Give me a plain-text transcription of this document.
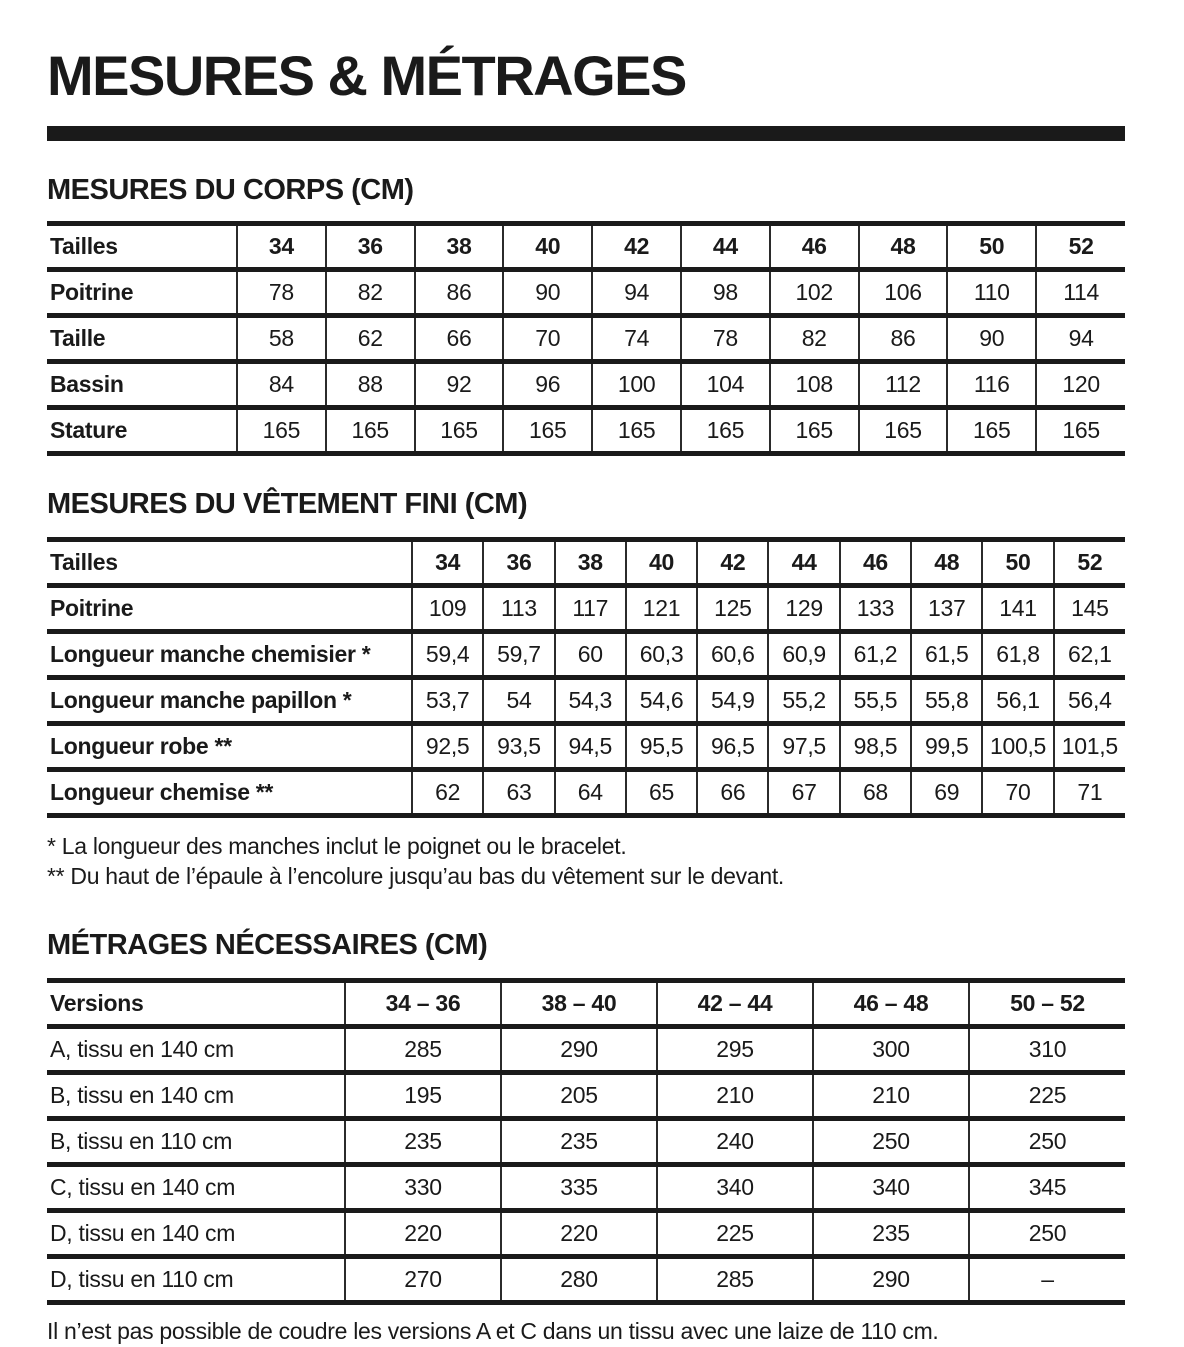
MESURES & MÉTRAGES
MESURES DU CORPS (CM)
Tailles	34	36	38	40	42	44	46	48	50	52
Poitrine	78	82	86	90	94	98	102	106	110	114
Taille	58	62	66	70	74	78	82	86	90	94
Bassin	84	88	92	96	100	104	108	112	116	120
Stature	165	165	165	165	165	165	165	165	165	165
MESURES DU VÊTEMENT FINI (CM)
Tailles	34	36	38	40	42	44	46	48	50	52
Poitrine	109	113	117	121	125	129	133	137	141	145
Longueur manche chemisier *	59,4	59,7	60	60,3	60,6	60,9	61,2	61,5	61,8	62,1
Longueur manche papillon *	53,7	54	54,3	54,6	54,9	55,2	55,5	55,8	56,1	56,4
Longueur robe **	92,5	93,5	94,5	95,5	96,5	97,5	98,5	99,5	100,5	101,5
Longueur chemise **	62	63	64	65	66	67	68	69	70	71

* La longueur des manches inclut le poignet ou le bracelet.

** Du haut de l’épaule à l’encolure jusqu’au bas du vêtement sur le devant.

MÉTRAGES NÉCESSAIRES (CM)
Versions	34 – 36	38 – 40	42 – 44	46 – 48	50 – 52
A, tissu en 140 cm	285	290	295	300	310
B, tissu en 140 cm	195	205	210	210	225
B, tissu en 110 cm	235	235	240	250	250
C, tissu en 140 cm	330	335	340	340	345
D, tissu en 140 cm	220	220	225	235	250
D, tissu en 110 cm	270	280	285	290	–

Il n’est pas possible de coudre les versions A et C dans un tissu avec une laize de 110 cm.
